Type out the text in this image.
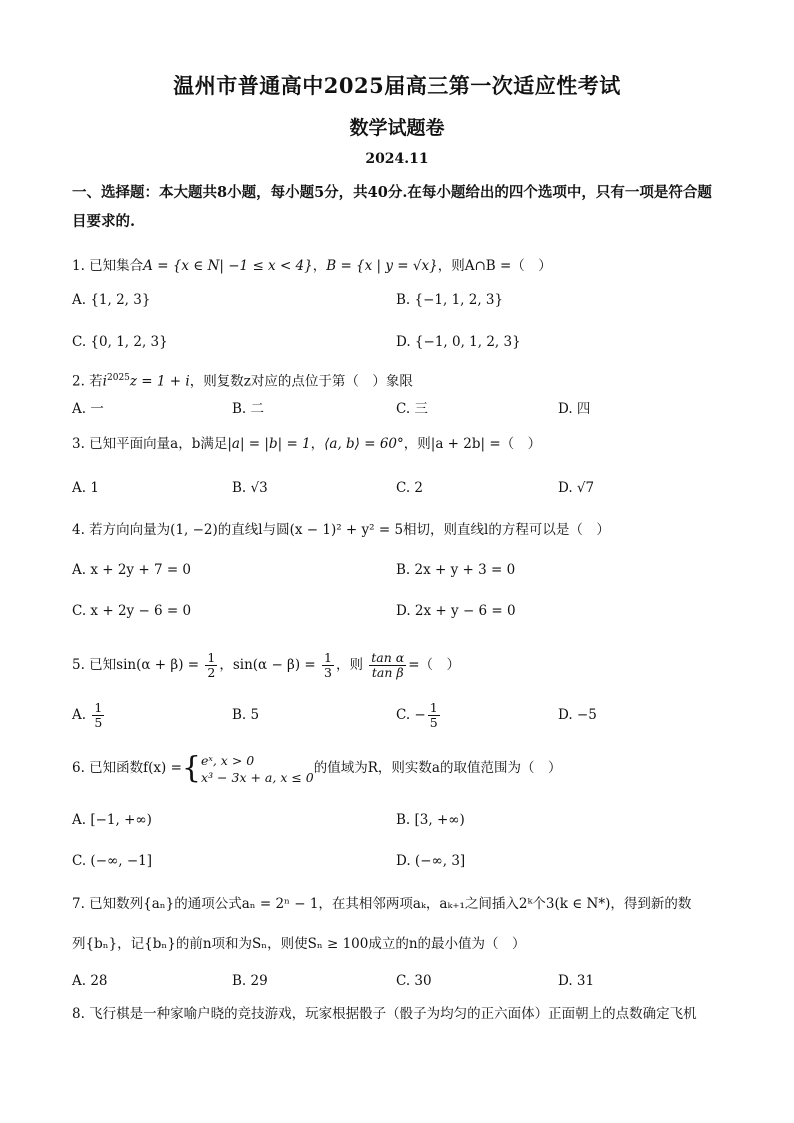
温州市普通高中2025届高三第一次适应性考试
数学试题卷
2024.11
一、选择题：本大题共8小题，每小题5分，共40分.在每小题给出的四个选项中，只有一项是符合题目要求的.
1. 已知集合A = {x ∈ N| −1 ≤ x < 4}，B = {x | y = √x}，则A∩B =（　）
A. {1, 2, 3}	B. {−1, 1, 2, 3}
C. {0, 1, 2, 3}	D. {−1, 0, 1, 2, 3}
2. 若$i^{2025}z = 1 + i$，则复数z对应的点位于第（　）象限
A. 一	B. 二	C. 三	D. 四
3. 已知平面向量a，b满足|a| = |b| = 1，⟨a, b⟩ = 60°，则|a + 2b| =（　）
A. 1	B. √3	C. 2	D. √7
4. 若方向向量为(1, −2)的直线l与圆(x − 1)² + y² = 5相切，则直线l的方程可以是（　）
A. x + 2y + 7 = 0	B. 2x + y + 3 = 0
C. x + 2y − 6 = 0	D. 2x + y − 6 = 0
5. 已知$\sin(\alpha + \beta) = \frac{1}{2}$ ，$\sin(\alpha - \beta) = \frac{1}{3}$ ，则 $\frac{\text{tan α}}{\text{tan β}}$ =（　）
A. $\frac{1}{5}$	B. 5	C. − $\frac{1}{5}$	D. −5
6. 已知函数f(x) ={ eˣ, x > 0
x³ − 3x + a, x ≤ 0
的值域为R，则实数a的取值范围为（　）
A. [−1, +∞)	B. [3, +∞)
C. (−∞, −1]	D. (−∞, 3]
7. 已知数列{aₙ}的通项公式aₙ = 2ⁿ − 1，在其相邻两项aₖ，aₖ₊₁之间插入2ᵏ个3(k ∈ N*)，得到新的数
列{bₙ}，记{bₙ}的前n项和为Sₙ，则使Sₙ ≥ 100成立的n的最小值为（　）
A. 28	B. 29	C. 30	D. 31
8. 飞行棋是一种家喻户晓的竞技游戏，玩家根据骰子（骰子为均匀的正六面体）正面朝上的点数确定飞机
